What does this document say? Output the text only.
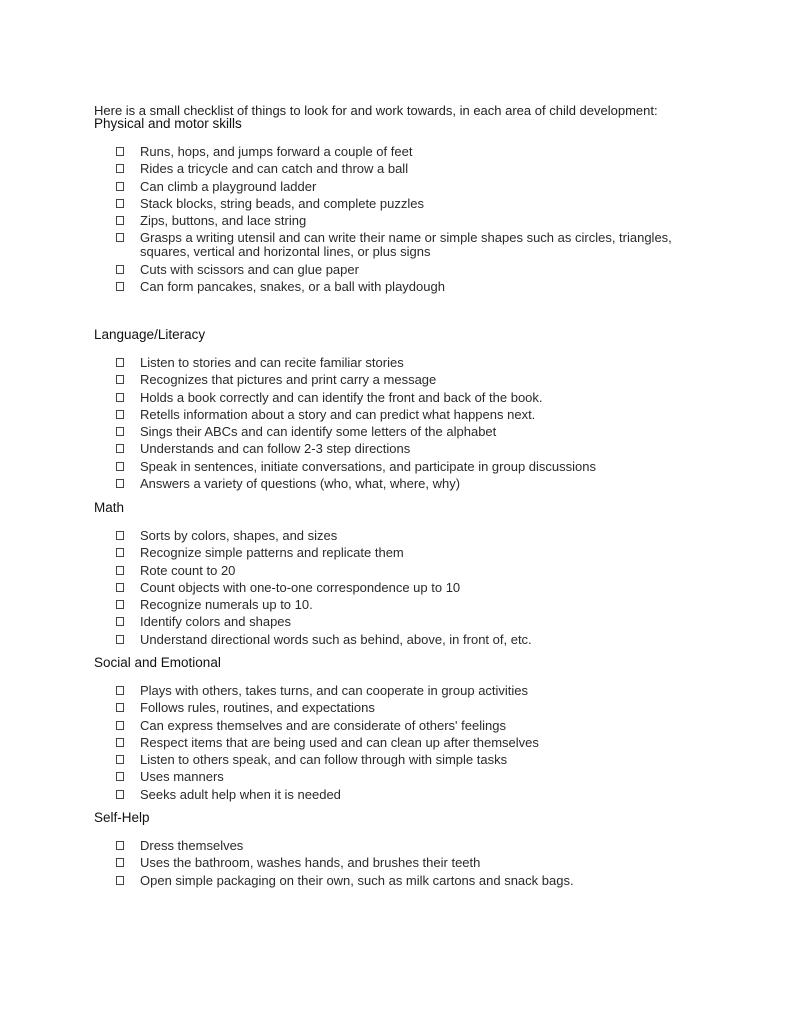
Here is a small checklist of things to look for and work towards, in each area of child development:

Physical and motor skills
Runs, hops, and jumps forward a couple of feet
Rides a tricycle and can catch and throw a ball
Can climb a playground ladder
Stack blocks, string beads, and complete puzzles
Zips, buttons, and lace string
Grasps a writing utensil and can write their name or simple shapes such as circles, triangles, squares, vertical and horizontal lines, or plus signs
Cuts with scissors and can glue paper
Can form pancakes, snakes, or a ball with playdough
Language/Literacy
Listen to stories and can recite familiar stories
Recognizes that pictures and print carry a message
Holds a book correctly and can identify the front and back of the book.
Retells information about a story and can predict what happens next.
Sings their ABCs and can identify some letters of the alphabet
Understands and can follow 2-3 step directions
Speak in sentences, initiate conversations, and participate in group discussions
Answers a variety of questions (who, what, where, why)
Math
Sorts by colors, shapes, and sizes
Recognize simple patterns and replicate them
Rote count to 20
Count objects with one-to-one correspondence up to 10
Recognize numerals up to 10.
Identify colors and shapes
Understand directional words such as behind, above, in front of, etc.
Social and Emotional
Plays with others, takes turns, and can cooperate in group activities
Follows rules, routines, and expectations
Can express themselves and are considerate of others' feelings
Respect items that are being used and can clean up after themselves
Listen to others speak, and can follow through with simple tasks
Uses manners
Seeks adult help when it is needed
Self-Help
Dress themselves
Uses the bathroom, washes hands, and brushes their teeth
Open simple packaging on their own, such as milk cartons and snack bags.
